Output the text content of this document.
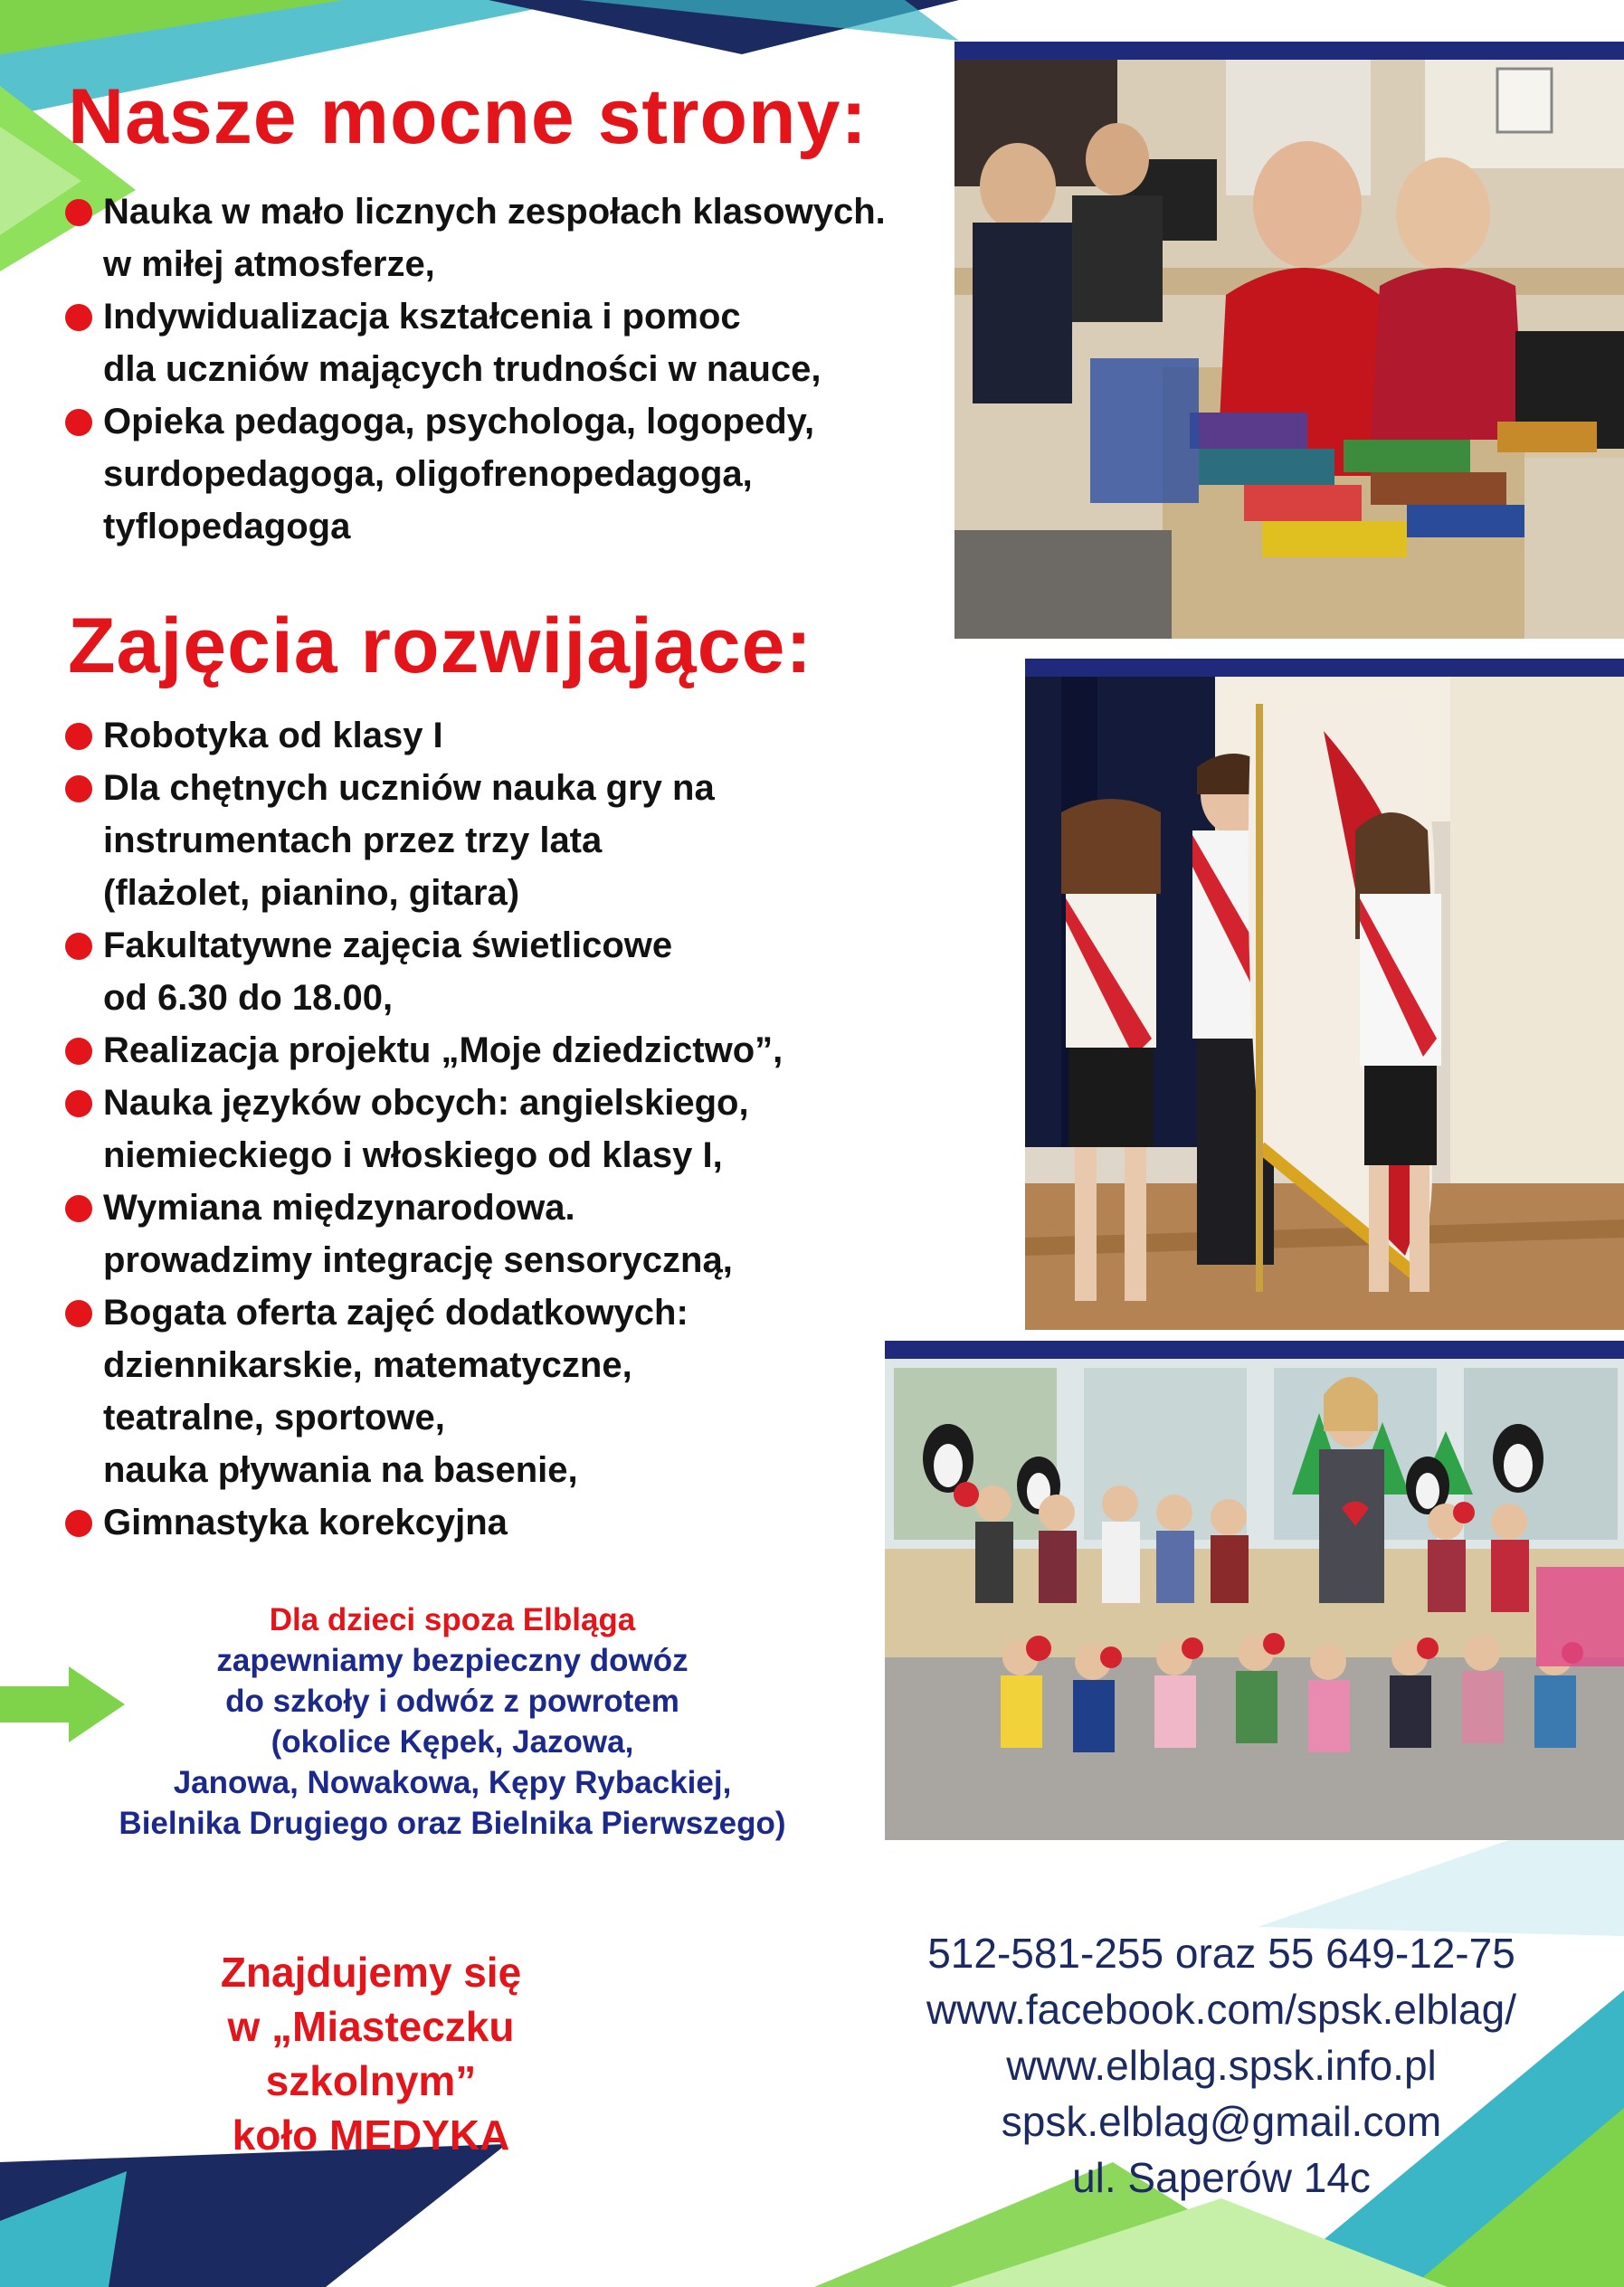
Nasze mocne strony:
Nauka w mało licznych zespołach klasowych.
w miłej atmosferze,
Indywidualizacja kształcenia i pomoc
dla uczniów mających trudności w nauce,
Opieka pedagoga, psychologa, logopedy,
surdopedagoga, oligofrenopedagoga,
tyflopedagoga
Zajęcia rozwijające:
Robotyka od klasy I
Dla chętnych uczniów nauka gry na
instrumentach przez trzy lata
(flażolet, pianino, gitara)
Fakultatywne zajęcia świetlicowe
od 6.30 do 18.00,
Realizacja projektu „Moje dziedzictwo”,
Nauka języków obcych: angielskiego,
niemieckiego i włoskiego od klasy I,
Wymiana międzynarodowa.
prowadzimy integrację sensoryczną,
Bogata oferta zajęć dodatkowych:
dziennikarskie, matematyczne,
teatralne, sportowe,
nauka pływania na basenie,
Gimnastyka korekcyjna
Dla dzieci spoza Elbląga
zapewniamy bezpieczny dowóz
do szkoły i odwóz z powrotem
(okolice Kępek, Jazowa,
Janowa, Nowakowa, Kępy Rybackiej,
Bielnika Drugiego oraz Bielnika Pierwszego)
Znajdujemy się
w „Miasteczku szkolnym”
koło MEDYKA
512-581-255 oraz 55 649-12-75
www.facebook.com/spsk.elblag/
www.elblag.spsk.info.pl
spsk.elblag@gmail.com
ul. Saperów 14c
